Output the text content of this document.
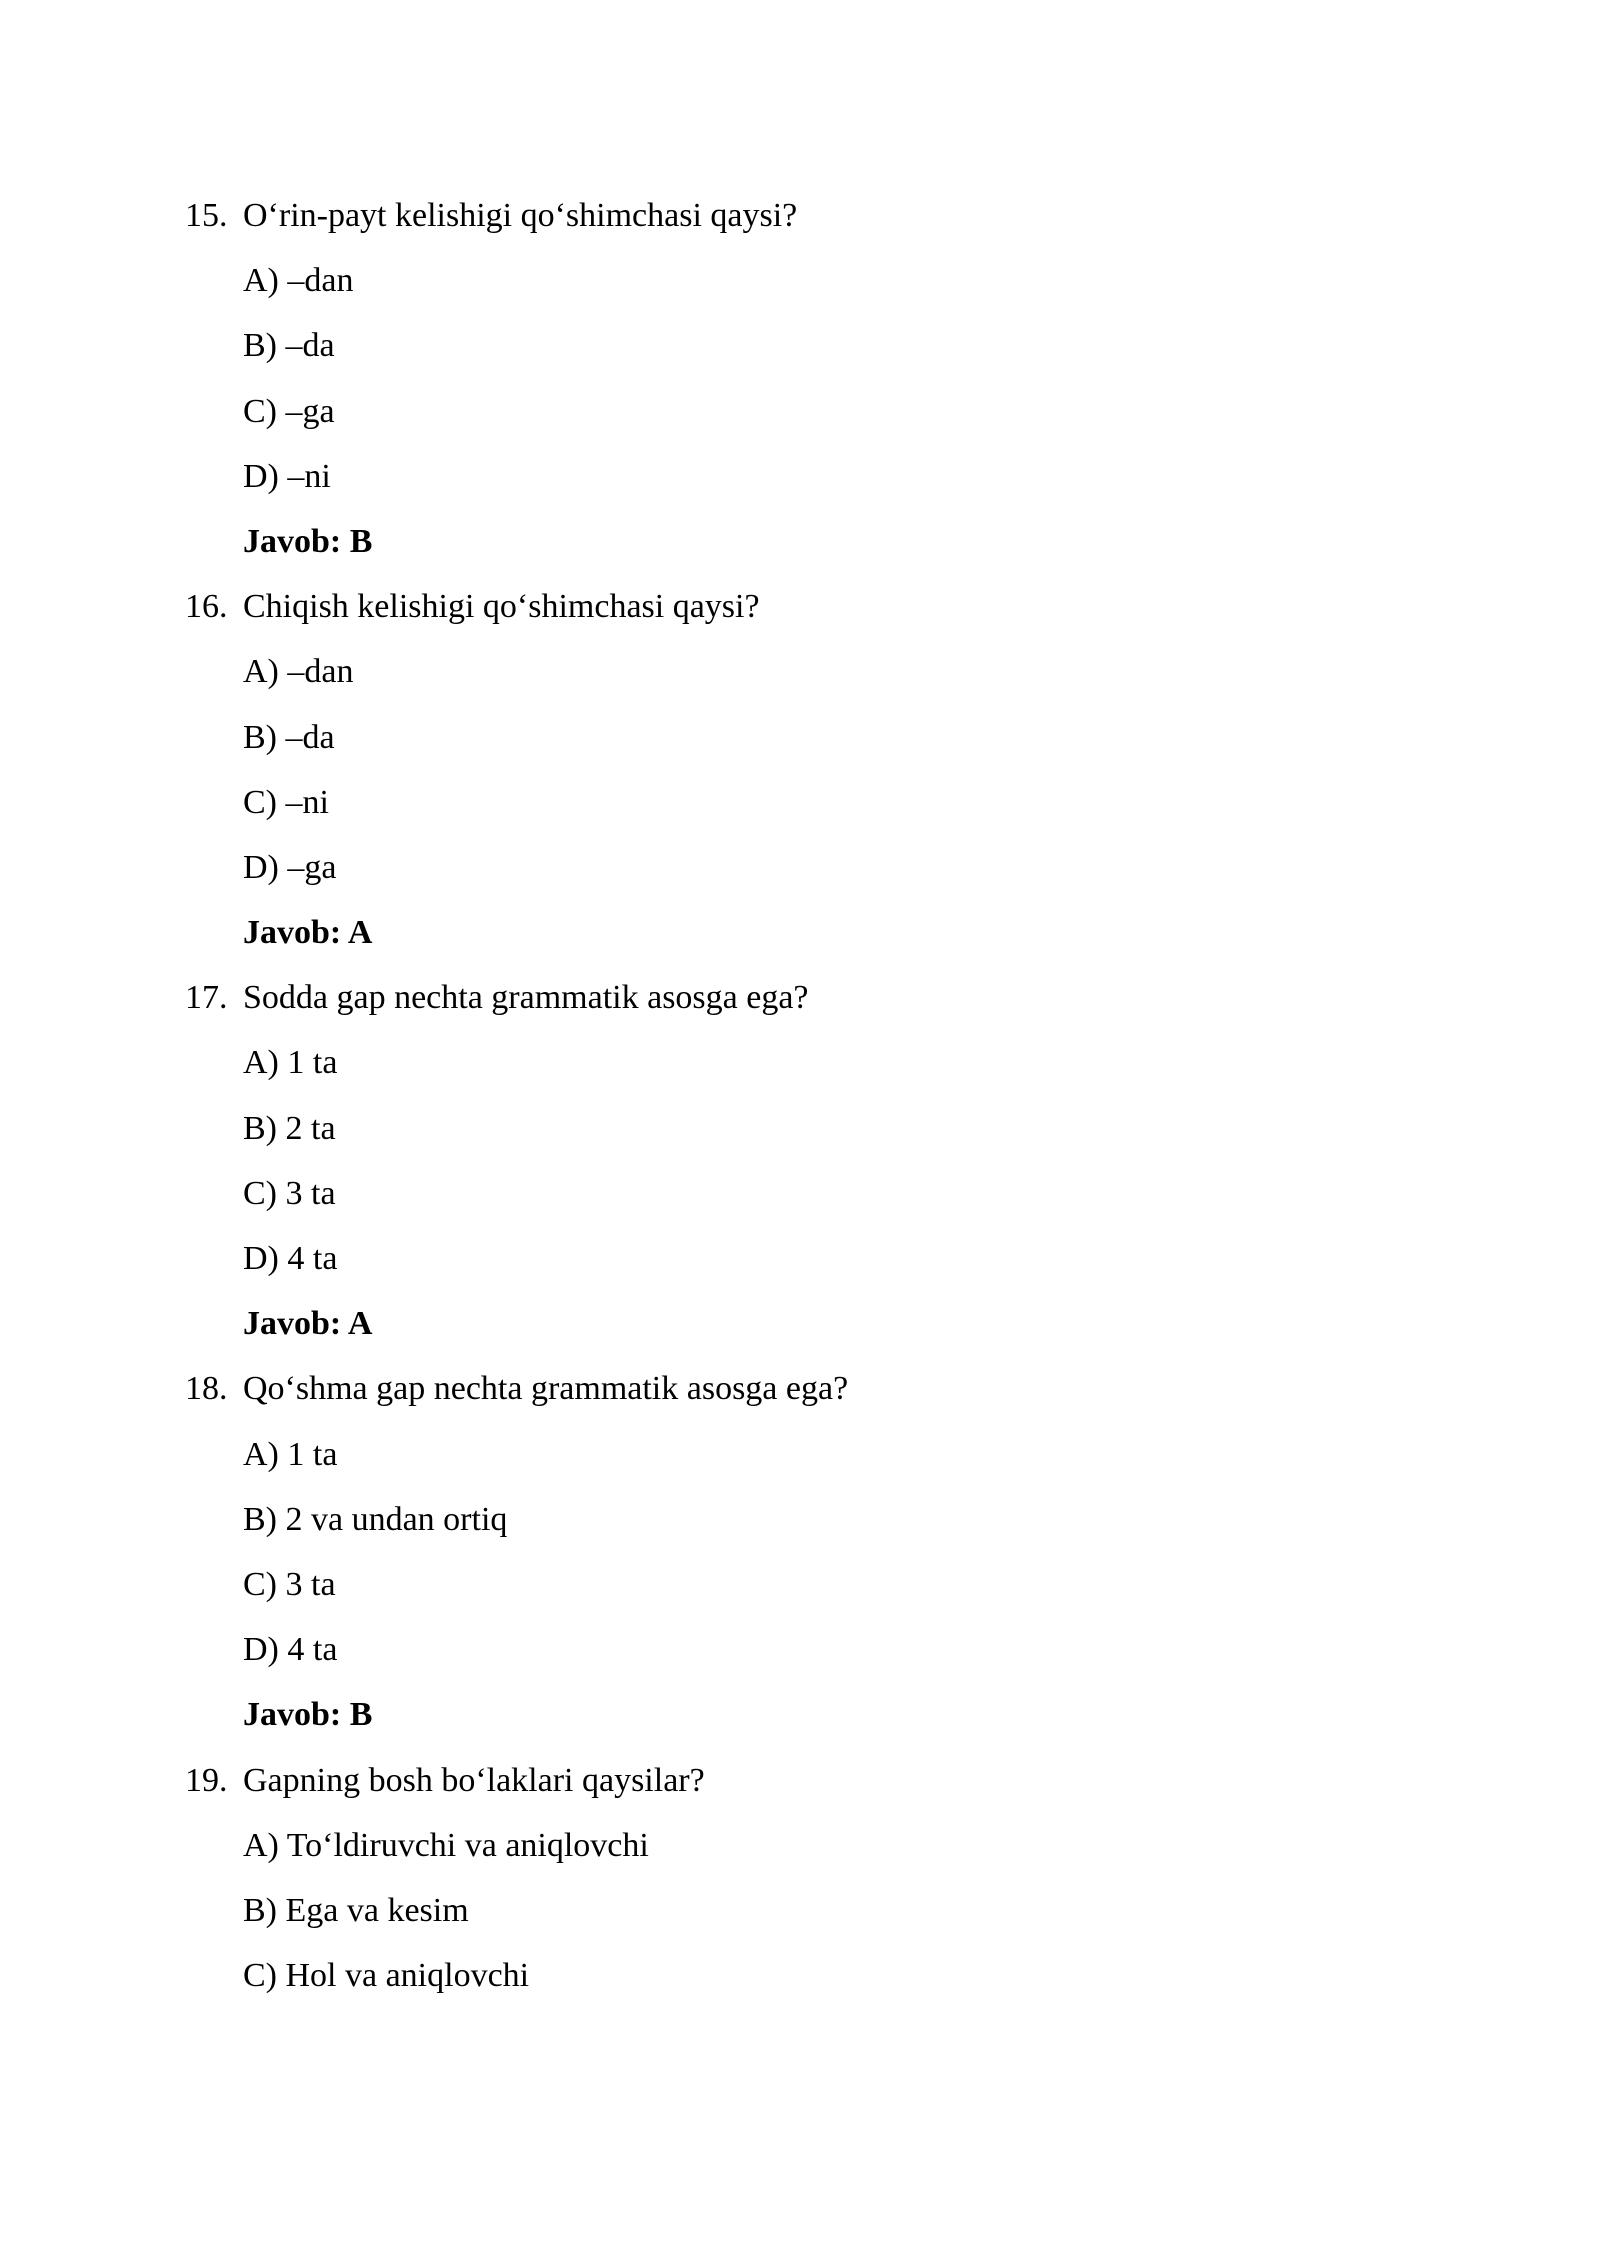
15. O‘rin-payt kelishigi qo‘shimchasi qaysi?
A) –dan
B) –da
C) –ga
D) –ni
Javob: B
16. Chiqish kelishigi qo‘shimchasi qaysi?
A) –dan
B) –da
C) –ni
D) –ga
Javob: A
17. Sodda gap nechta grammatik asosga ega?
A) 1 ta
B) 2 ta
C) 3 ta
D) 4 ta
Javob: A
18. Qo‘shma gap nechta grammatik asosga ega?
A) 1 ta
B) 2 va undan ortiq
C) 3 ta
D) 4 ta
Javob: B
19. Gapning bosh bo‘laklari qaysilar?
A) To‘ldiruvchi va aniqlovchi
B) Ega va kesim
C) Hol va aniqlovchi
